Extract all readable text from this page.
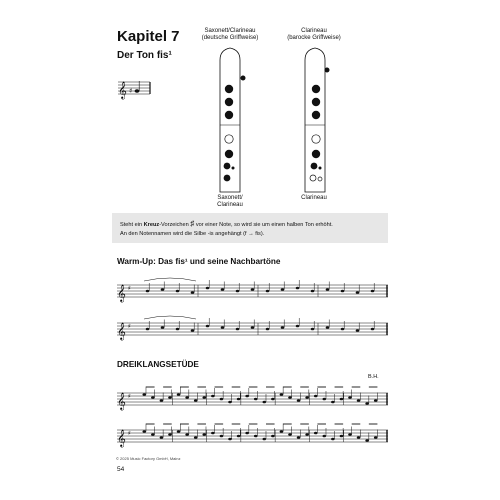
Kapitel 7
Der Ton fis¹
Saxonett/Clarineau
(deutsche Griffweise)
Clarineau
(barocke Griffweise)
Saxonett/
Clarineau
Clarineau
𝄞 ♯
𝄞 ♯
𝄞 ♯
𝄞 ♯
𝄞 ♯
Steht ein Kreuz-Vorzeichen ♯ vor einer Note, so wird sie um einen halben Ton erhöht.
An den Notennamen wird die Silbe -is angehängt (f → fis).
Warm-Up: Das fis¹ und seine Nachbartöne
DREIKLANGSETÜDE
B.H.
© 2025 Music Factory GmbH, Mainz
54
